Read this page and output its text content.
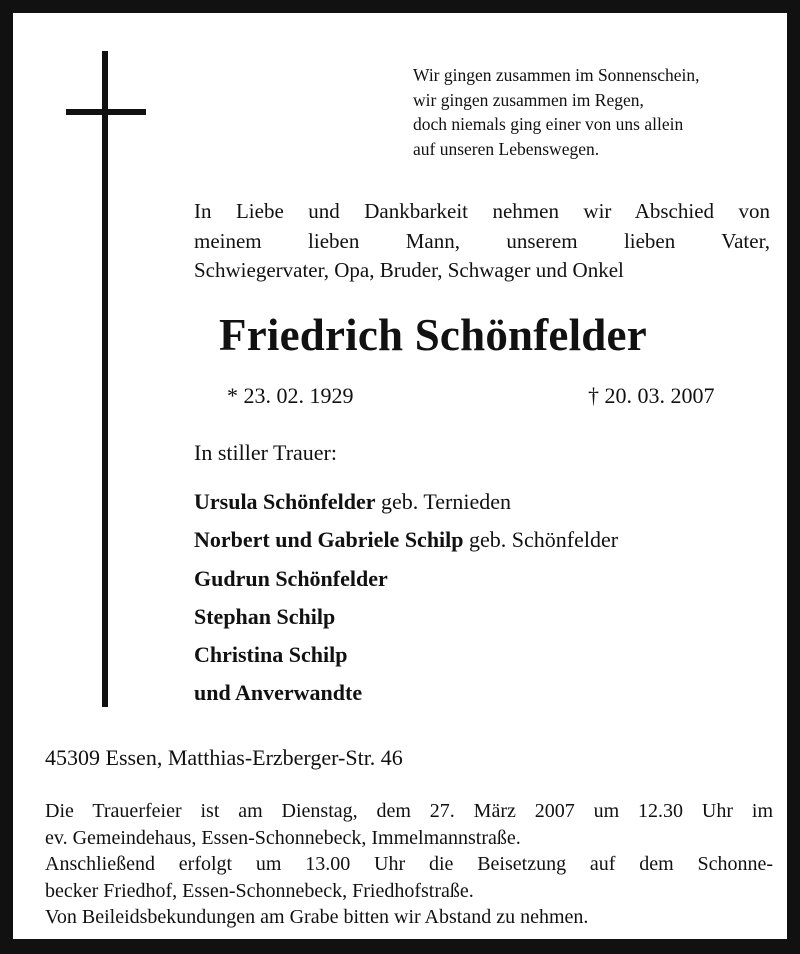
Wir gingen zusammen im Sonnenschein,
wir gingen zusammen im Regen,
doch niemals ging einer von uns allein
auf unseren Lebenswegen.
In Liebe und Dankbarkeit nehmen wir Abschied von
meinem lieben Mann, unserem lieben Vater,
Schwiegervater, Opa, Bruder, Schwager und Onkel
Friedrich Schönfelder
* 23. 02. 1929	† 20. 03. 2007
In stiller Trauer:
Ursula Schönfelder geb. Ternieden
Norbert und Gabriele Schilp geb. Schönfelder
Gudrun Schönfelder
Stephan Schilp
Christina Schilp
und Anverwandte
45309 Essen, Matthias-Erzberger-Str. 46
Die Trauerfeier ist am Dienstag, dem 27. März 2007 um 12.30 Uhr im
ev. Gemeindehaus, Essen-Schonnebeck, Immelmannstraße.
Anschließend erfolgt um 13.00 Uhr die Beisetzung auf dem Schonne-
becker Friedhof, Essen-Schonnebeck, Friedhofstraße.
Von Beileidsbekundungen am Grabe bitten wir Abstand zu nehmen.
